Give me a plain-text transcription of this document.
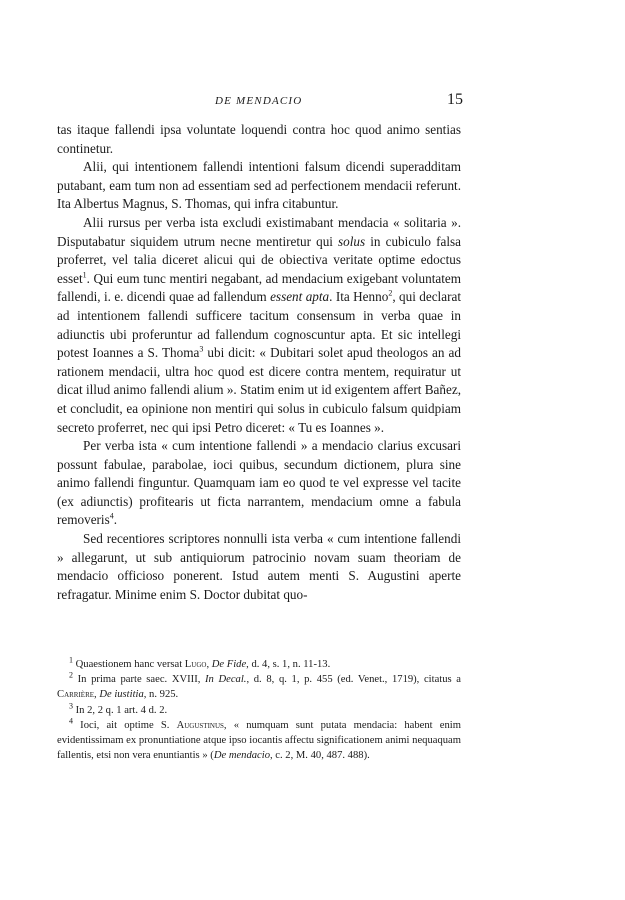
DE MENDACIO	15

tas itaque fallendi ipsa voluntate loquendi contra hoc quod animo sentias continetur.

Alii, qui intentionem fallendi intentioni falsum dicendi superadditam putabant, eam tum non ad essentiam sed ad perfectionem mendacii referunt. Ita Albertus Magnus, S. Thomas, qui infra citabuntur.

Alii rursus per verba ista excludi existimabant mendacia « solitaria ». Disputabatur siquidem utrum necne mentiretur qui solus in cubiculo falsa proferret, vel talia diceret alicui qui de obiectiva veritate optime edoctus esset$^1$. Qui eum tunc mentiri negabant, ad mendacium exigebant voluntatem fallendi, i. e. dicendi quae ad fallendum essent apta. Ita Henno$^2$, qui declarat ad intentionem fallendi sufficere tacitum consensum in verba quae in adiunctis ubi proferuntur ad fallendum cognoscuntur apta. Et sic intellegi potest Ioannes a S. Thoma$^3$ ubi dicit: « Dubitari solet apud theologos an ad rationem mendacii, ultra hoc quod est dicere contra mentem, requiratur ut dicat illud animo fallendi alium ». Statim enim ut id exigentem affert Bañez, et concludit, ea opinione non mentiri qui solus in cubiculo falsum quidpiam secreto proferret, nec qui ipsi Petro diceret: « Tu es Ioannes ».

Per verba ista « cum intentione fallendi » a mendacio clarius excusari possunt fabulae, parabolae, ioci quibus, secundum dictionem, plura sine animo fallendi finguntur. Quamquam iam eo quod te vel expresse vel tacite (ex adiunctis) profitearis ut ficta narrantem, mendacium omne a fabula removeris$^4$.

Sed recentiores scriptores nonnulli ista verba « cum intentione fallendi » allegarunt, ut sub antiquiorum patrocinio novam suam theoriam de mendacio officioso ponerent. Istud autem menti S. Augustini aperte refragatur. Minime enim S. Doctor dubitat quo-

$^1$ Quaestionem hanc versat Lugo, De Fide, d. 4, s. 1, n. 11-13.

$^2$ In prima parte saec. XVIII, In Decal., d. 8, q. 1, p. 455 (ed. Venet., 1719), citatus a Carrière, De iustitia, n. 925.

$^3$ In 2, 2 q. 1 art. 4 d. 2.

$^4$ Ioci, ait optime S. Augustinus, « numquam sunt putata mendacia: habent enim evidentissimam ex pronuntiatione atque ipso iocantis affectu significationem animi nequaquam fallentis, etsi non vera enuntiantis » (De mendacio, c. 2, M. 40, 487. 488).
